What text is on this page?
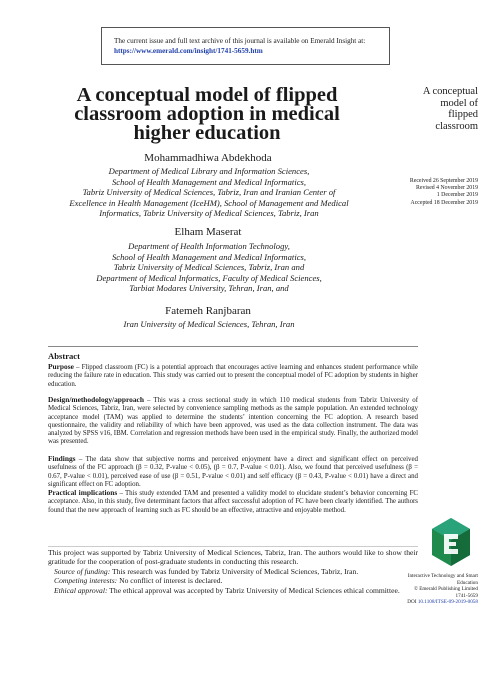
The current issue and full text archive of this journal is available on Emerald Insight at:
https://www.emerald.com/insight/1741-5659.htm
A conceptual model of flipped
classroom adoption in medical
higher education
A conceptual
model of
flipped
classroom
Received 26 September 2019
Revised 4 November 2019
1 December 2019
Accepted 18 December 2019
Mohammadhiwa Abdekhoda
Department of Medical Library and Information Sciences,
School of Health Management and Medical Informatics,
Tabriz University of Medical Sciences, Tabriz, Iran and Iranian Center of
Excellence in Health Management (IceHM), School of Management and Medical
Informatics, Tabriz University of Medical Sciences, Tabriz, Iran
Elham Maserat
Department of Health Information Technology,
School of Health Management and Medical Informatics,
Tabriz University of Medical Sciences, Tabriz, Iran and
Department of Medical Informatics, Faculty of Medical Sciences,
Tarbiat Modares University, Tehran, Iran, and
Fatemeh Ranjbaran
Iran University of Medical Sciences, Tehran, Iran
Abstract
Purpose – Flipped classroom (FC) is a potential approach that encourages active learning and enhances student performance while reducing the failure rate in education. This study was carried out to present the conceptual model of FC adoption by students in higher education.
Design/methodology/approach – This was a cross sectional study in which 110 medical students from Tabriz University of Medical Sciences, Tabriz, Iran, were selected by convenience sampling methods as the sample population. An extended technology acceptance model (TAM) was applied to determine the students’ intention concerning the FC adoption. A research based questionnaire, the validity and reliability of which have been approved, was used as the data collection instrument. The data was analyzed by SPSS v16, IBM. Correlation and regression methods have been used in the empirical study. Finally, the authorized model was presented.
Findings – The data show that subjective norms and perceived enjoyment have a direct and significant effect on perceived usefulness of the FC approach (β = 0.32, P-value < 0.05), (β = 0.7, P-value < 0.01). Also, we found that perceived usefulness (β = 0.67, P-value < 0.01), perceived ease of use (β = 0.51, P-value < 0.01) and self efficacy (β = 0.43, P-value < 0.01) have a direct and significant effect on FC adoption.
Practical implications – This study extended TAM and presented a validity model to elucidate student’s behavior concerning FC acceptance. Also, in this study, five determinant factors that affect successful adoption of FC have been clearly identified. The authors found that the new approach of learning such as FC should be an effective, attractive and enjoyable method.
This project was supported by Tabriz University of Medical Sciences, Tabriz, Iran. The authors would like to show their gratitude for the cooperation of post-graduate students in conducting this research.
Source of funding: This research was funded by Tabriz University of Medical Sciences, Tabriz, Iran.
Competing interests: No conflict of interest is declared.
Ethical approval: The ethical approval was accepted by Tabriz University of Medical Sciences ethical committee.
Interactive Technology and Smart
Education
© Emerald Publishing Limited
1741-5659
DOI 10.1108/ITSE-09-2019-0058
